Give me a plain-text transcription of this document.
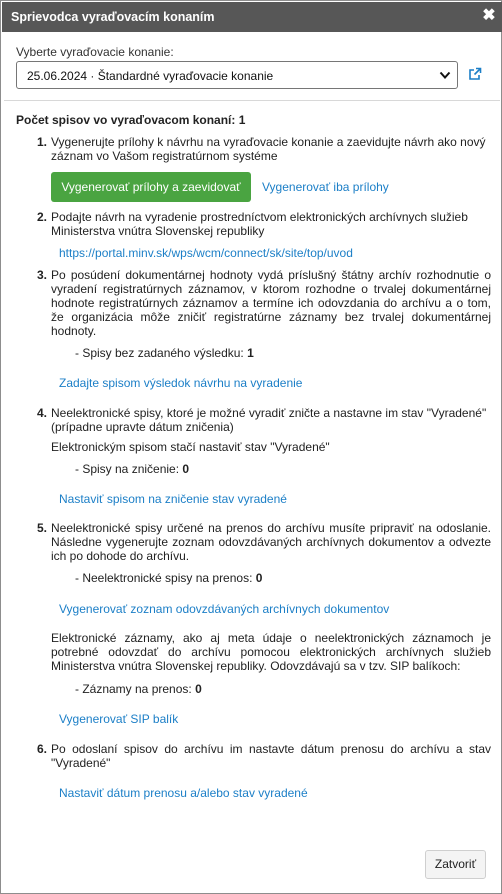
Sprievodca vyraďovacím konaním	✖
Vyberte vyraďovacie konanie:
25.06.2024 · Štandardné vyraďovacie konanie
Počet spisov vo vyraďovacom konaní: 1
1. Vygenerujte prílohy k návrhu na vyraďovacie konanie a zaevidujte návrh ako nový záznam vo Vašom registratúrnom systéme
Vygenerovať prílohy a zaevidovať	Vygenerovať iba prílohy
2. Podajte návrh na vyradenie prostredníctvom elektronických archívnych služieb Ministerstva vnútra Slovenskej republiky
https://portal.minv.sk/wps/wcm/connect/sk/site/top/uvod
3. Po posúdení dokumentárnej hodnoty vydá príslušný štátny archív rozhodnutie o vyradení registratúrnych záznamov, v ktorom rozhodne o trvalej dokumentárnej hodnote registratúrnych záznamov a termíne ich odovzdania do archívu a o tom, že organizácia môže zničiť registratúrne záznamy bez trvalej dokumentárnej hodnoty.
- Spisy bez zadaného výsledku: 1
Zadajte spisom výsledok návrhu na vyradenie
4. Neelektronické spisy, ktoré je možné vyradiť zničte a nastavne im stav "Vyradené" (prípadne upravte dátum zničenia)
Elektronickým spisom stačí nastaviť stav "Vyradené"
- Spisy na zničenie: 0
Nastaviť spisom na zničenie stav vyradené
5. Neelektronické spisy určené na prenos do archívu musíte pripraviť na odoslanie. Následne vygenerujte zoznam odovzdávaných archívnych dokumentov a odvezte ich po dohode do archívu.
- Neelektronické spisy na prenos: 0
Vygenerovať zoznam odovzdávaných archívnych dokumentov
Elektronické záznamy, ako aj meta údaje o neelektronických záznamoch je potrebné odovzdať do archívu pomocou elektronických archívnych služieb Ministerstva vnútra Slovenskej republiky. Odovzdávajú sa v tzv. SIP balíkoch:
- Záznamy na prenos: 0
Vygenerovať SIP balík
6. Po odoslaní spisov do archívu im nastavte dátum prenosu do archívu a stav "Vyradené"
Nastaviť dátum prenosu a/alebo stav vyradené
Zatvoriť
